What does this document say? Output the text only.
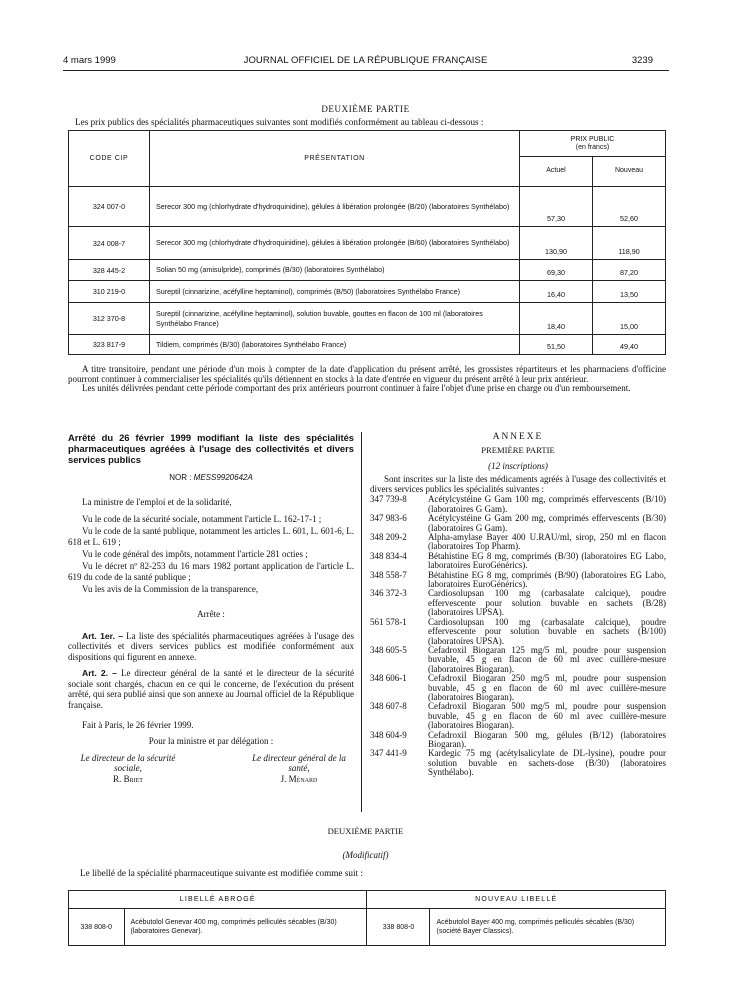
4 mars 1999	JOURNAL OFFICIEL DE LA RÉPUBLIQUE FRANÇAISE	3239
DEUXIÈME PARTIE
Les prix publics des spécialités pharmaceutiques suivantes sont modifiés conformément au tableau ci-dessous :
CODE CIP	PRÉSENTATION	PRIX PUBLIC
(en francs)	

		Actuel	Nouveau
324 007-0	Serecor 300 mg (chlorhydrate d'hydroquinidine), gélules à libération prolongée (B/20) (laboratoires Synthélabo)	57,30	52,60
324 008-7	Serecor 300 mg (chlorhydrate d'hydroquinidine), gélules à libération prolongée (B/60) (laboratoires Synthélabo)	130,90	118,90
328 445-2	Solian 50 mg (amisulpride), comprimés (B/30) (laboratoires Synthélabo)	69,30	87,20
310 219-0	Sureptil (cinnarizine, acéfylline heptaminol), comprimés (B/50) (laboratoires Synthélabo France)	16,40	13,50
312 370-8	Sureptil (cinnarizine, acéfylline heptaminol), solution buvable, gouttes en flacon de 100 ml (laboratoires Synthélabo France)	18,40	15,00
323 817-9	Tildiem, comprimés (B/30) (laboratoires Synthélabo France)	51,50	49,40

A titre transitoire, pendant une période d'un mois à compter de la date d'application du présent arrêté, les grossistes répartiteurs et les pharmaciens d'officine pourront continuer à commercialiser les spécialités qu'ils détiennent en stocks à la date d'entrée en vigueur du présent arrêté à leur prix antérieur.

Les unités délivrées pendant cette période comportant des prix antérieurs pourront continuer à faire l'objet d'une prise en charge ou d'un remboursement.

Arrêté du 26 février 1999 modifiant la liste des spécialités pharmaceutiques agréées à l'usage des collectivités et divers services publics

NOR : MESS9920642A

La ministre de l'emploi et de la solidarité,

Vu le code de la sécurité sociale, notamment l'article L. 162-17-1 ;

Vu le code de la santé publique, notamment les articles L. 601, L. 601-6, L. 618 et L. 619 ;

Vu le code général des impôts, notamment l'article 281 octies ;

Vu le décret nº 82-253 du 16 mars 1982 portant application de l'article L. 619 du code de la santé publique ;

Vu les avis de la Commission de la transparence,

Arrête :

Art. 1er. – La liste des spécialités pharmaceutiques agréées à l'usage des collectivités et divers services publics est modifiée conformément aux dispositions qui figurent en annexe.

Art. 2. – Le directeur général de la santé et le directeur de la sécurité sociale sont chargés, chacun en ce qui le concerne, de l'exécution du présent arrêté, qui sera publié ainsi que son annexe au Journal officiel de la République française.

Fait à Paris, le 26 février 1999.

Pour la ministre et par délégation :

Le directeur de la sécurité sociale,
R. Briet
Le directeur général de la santé,
J. Ménard
ANNEXE
PREMIÈRE PARTIE
(12 inscriptions)

Sont inscrites sur la liste des médicaments agréés à l'usage des collectivités et divers services publics les spécialités suivantes :

347 739-8	Acétylcystéine G Gam 100 mg, comprimés effervescents (B/10) (laboratoires G Gam).
347 983-6	Acétylcystéine G Gam 200 mg, comprimés effervescents (B/30) (laboratoires G Gam).
348 209-2	Alpha-amylase Bayer 400 U.RAU/ml, sirop, 250 ml en flacon (laboratoires Top Pharm).
348 834-4	Bétahistine EG 8 mg, comprimés (B/30) (laboratoires EG Labo, laboratoires EuroGénérics).
348 558-7	Bétahistine EG 8 mg, comprimés (B/90) (laboratoires EG Labo, laboratoires EuroGénérics).
346 372-3	Cardiosolupsan 100 mg (carbasalate calcique), poudre effervescente pour solution buvable en sachets (B/28) (laboratoires UPSA).
561 578-1	Cardiosolupsan 100 mg (carbasalate calcique), poudre effervescente pour solution buvable en sachets (B/100) (laboratoires UPSA).
348 605-5	Cefadroxil Biogaran 125 mg/5 ml, poudre pour suspension buvable, 45 g en flacon de 60 ml avec cuillère-mesure (laboratoires Biogaran).
348 606-1	Cefadroxil Biogaran 250 mg/5 ml, poudre pour suspension buvable, 45 g en flacon de 60 ml avec cuillère-mesure (laboratoires Biogaran).
348 607-8	Cefadroxil Biogaran 500 mg/5 ml, poudre pour suspension buvable, 45 g en flacon de 60 ml avec cuillère-mesure (laboratoires Biogaran).
348 604-9	Cefadroxil Biogaran 500 mg, gélules (B/12) (laboratoires Biogaran).
347 441-9	Kardegic 75 mg (acétylsalicylate de DL-lysine), poudre pour solution buvable en sachets-dose (B/30) (laboratoires Synthélabo).
DEUXIÈME PARTIE
(Modificatif)
Le libellé de la spécialité pharmaceutique suivante est modifiée comme suit :
LIBELLÉ ABROGÉ		NOUVEAU LIBELLÉ	
338 808-0	Acébutolol Genevar 400 mg, comprimés pelliculés sécables (B/30) (laboratoires Genevar).	338 808-0	Acébutolol Bayer 400 mg, comprimés pelliculés sécables (B/30) (société Bayer Classics).
